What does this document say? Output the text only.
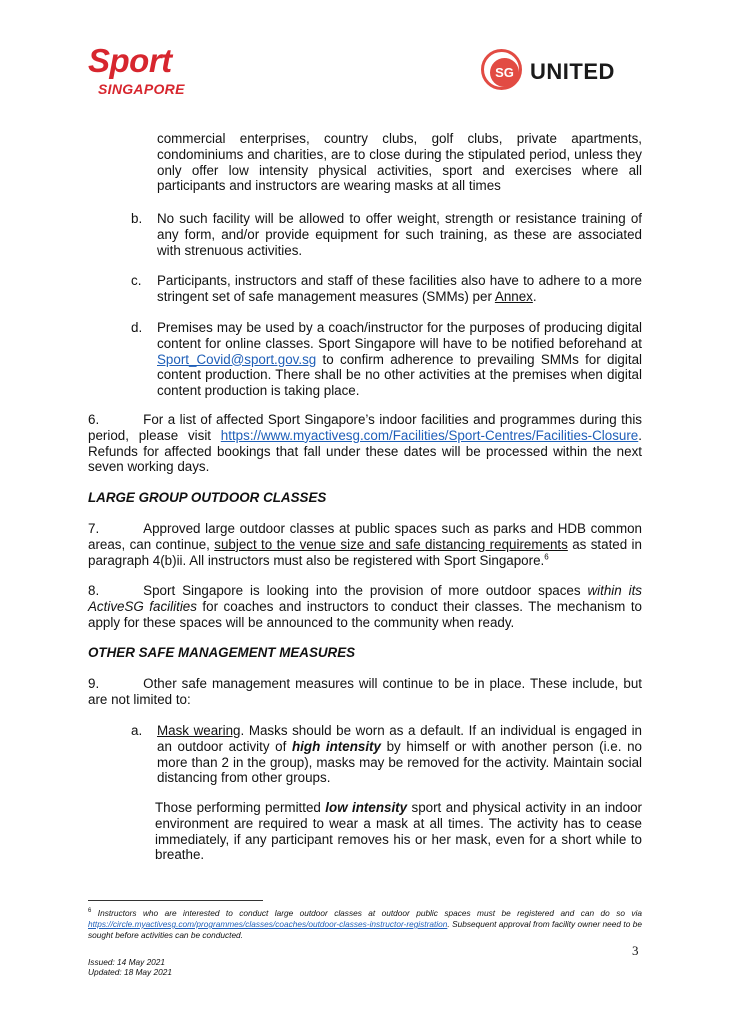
Sport
SINGAPORE
SG UNITED

commercial enterprises, country clubs, golf clubs, private apartments, condominiums and charities, are to close during the stipulated period, unless they only offer low intensity physical activities, sport and exercises where all participants and instructors are wearing masks at all times

b. No such facility will be allowed to offer weight, strength or resistance training of any form, and/or provide equipment for such training, as these are associated with strenuous activities.

c. Participants, instructors and staff of these facilities also have to adhere to a more stringent set of safe management measures (SMMs) per Annex.

d. Premises may be used by a coach/instructor for the purposes of producing digital content for online classes. Sport Singapore will have to be notified beforehand at Sport_Covid@sport.gov.sg to confirm adherence to prevailing SMMs for digital content production. There shall be no other activities at the premises when digital content production is taking place.

6.	For a list of affected Sport Singapore’s indoor facilities and programmes during this period, please visit https://www.myactivesg.com/Facilities/Sport-Centres/Facilities-Closure. Refunds for affected bookings that fall under these dates will be processed within the next seven working days.

LARGE GROUP OUTDOOR CLASSES

7.	Approved large outdoor classes at public spaces such as parks and HDB common areas, can continue, subject to the venue size and safe distancing requirements as stated in paragraph 4(b)ii. All instructors must also be registered with Sport Singapore.$^6$

8.	Sport Singapore is looking into the provision of more outdoor spaces within its ActiveSG facilities for coaches and instructors to conduct their classes. The mechanism to apply for these spaces will be announced to the community when ready.

OTHER SAFE MANAGEMENT MEASURES

9.	Other safe management measures will continue to be in place. These include, but are not limited to:

a. Mask wearing. Masks should be worn as a default. If an individual is engaged in an outdoor activity of high intensity by himself or with another person (i.e. no more than 2 in the group), masks may be removed for the activity. Maintain social distancing from other groups.

Those performing permitted low intensity sport and physical activity in an indoor environment are required to wear a mask at all times. The activity has to cease immediately, if any participant removes his or her mask, even for a short while to breathe.

$^6$ Instructors who are interested to conduct large outdoor classes at outdoor public spaces must be registered and can do so via https://circle.myactivesg.com/programmes/classes/coaches/outdoor-classes-instructor-registration. Subsequent approval from facility owner need to be sought before activities can be conducted.

3
Issued: 14 May 2021
Updated: 18 May 2021
